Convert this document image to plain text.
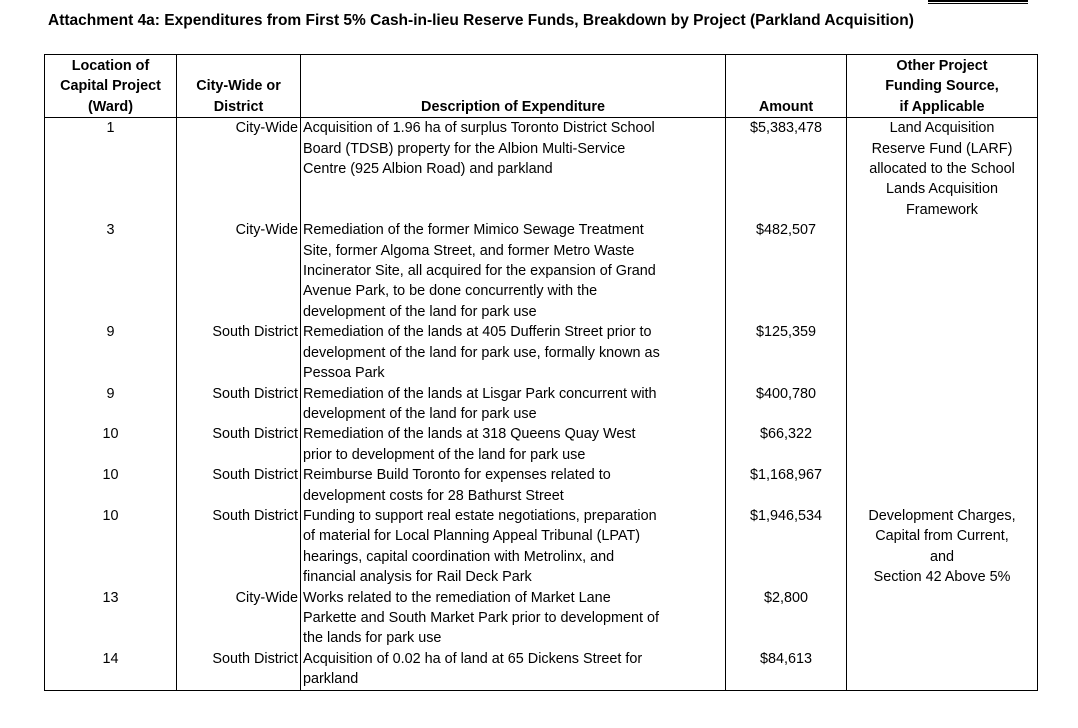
Attachment 4a: Expenditures from First 5% Cash-in-lieu Reserve Funds, Breakdown by Project (Parkland Acquisition)
Location of
Capital Project
(Ward)	City-Wide or
District	Description of Expenditure	Amount	Other Project
Funding Source,
if Applicable

1	City-Wide	Acquisition of 1.96 ha of surplus Toronto District School
Board (TDSB) property for the Albion Multi-Service
Centre (925 Albion Road) and parkland	$5,383,478	Land Acquisition
Reserve Fund (LARF)
allocated to the School
Lands Acquisition
Framework

3	City-Wide	Remediation of the former Mimico Sewage Treatment
Site, former Algoma Street, and former Metro Waste
Incinerator Site, all acquired for the expansion of Grand
Avenue Park, to be done concurrently with the
development of the land for park use	$482,507	
9	South District	Remediation of the lands at 405 Dufferin Street prior to
development of the land for park use, formally known as
Pessoa Park	$125,359	
9	South District	Remediation of the lands at Lisgar Park concurrent with
development of the land for park use	$400,780	
10	South District	Remediation of the lands at 318 Queens Quay West
prior to development of the land for park use	$66,322	
10	South District	Reimburse Build Toronto for expenses related to
development costs for 28 Bathurst Street	$1,168,967	
10	South District	Funding to support real estate negotiations, preparation
of material for Local Planning Appeal Tribunal (LPAT)
hearings, capital coordination with Metrolinx, and
financial analysis for Rail Deck Park	$1,946,534	Development Charges,
Capital from Current,
and
Section 42 Above 5%

13	City-Wide	Works related to the remediation of Market Lane
Parkette and South Market Park prior to development of
the lands for park use	$2,800	
14	South District	Acquisition of 0.02 ha of land at 65 Dickens Street for
parkland	$84,613	
